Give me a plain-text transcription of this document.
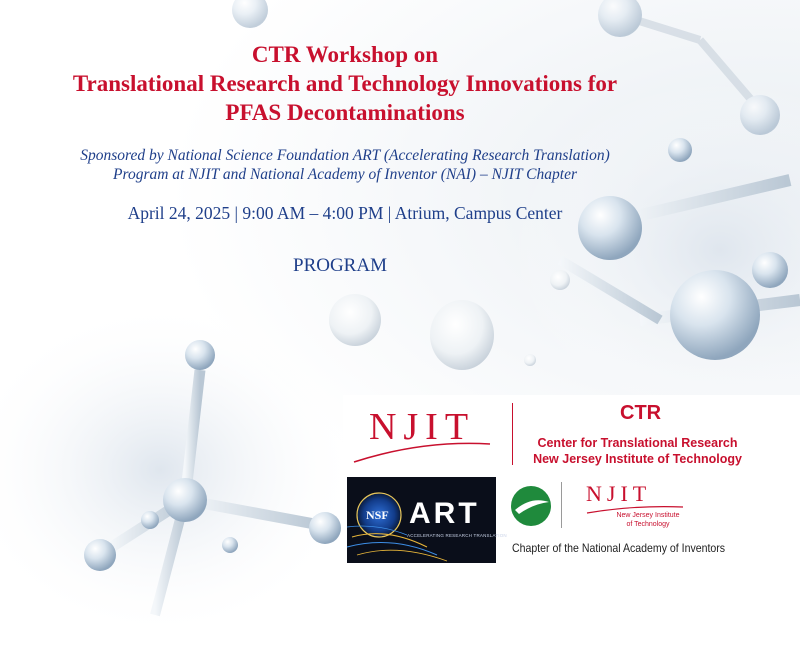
CTR Workshop on
Translational Research and Technology Innovations for
PFAS Decontaminations
Sponsored by National Science Foundation ART (Accelerating Research Translation)
Program at NJIT and National Academy of Inventor (NAI) – NJIT Chapter
April 24, 2025 | 9:00 AM – 4:00 PM | Atrium, Campus Center
PROGRAM
NJIT	CTR
Center for Translational Research
New Jersey Institute of Technology
NSF ART
ACCELERATING RESEARCH TRANSLATION
NJIT
New Jersey Institute
of Technology
Chapter of the National Academy of Inventors
